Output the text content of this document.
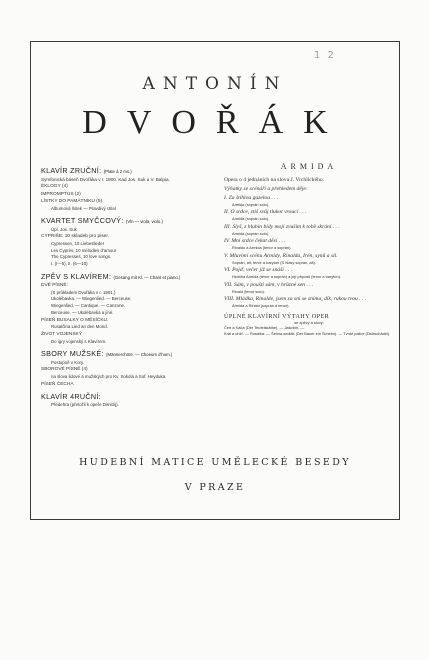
1 2
ANTONÍN
DVOŘÁK
KLAVÍR ZRUČNÍ: (Plate à 2 ms.)
Symfonická báseň Dvořáka v r. 1900. Kad Jos. Suk a V. Balpia.
ÉKLOGY (4)
IMPROMPTUS (2)
LÍSTKY DO PAMÁTNÍKU (5)
Albumová lístek — Pravdivý ctitel
KVARTET SMYČCOVÝ: (Vln — viola, violo.)
Úpl. Jos. Suk
CYPRIŠE: 10 skladeb pro piser.
Cypressen, 10 Liebeslieder
Les Cyprès, 10 mélodies d'amour
The Cypresses, 10 love songs.
I. (I—5), II. (6—10)
ZPĚV S KLAVÍREM: (Gesang mit Kl. — Chant et piano.)
DVĚ PÍSNĚ:
(S průkladem Dvořáka v r. 1901.)
Ukolébavka. — Wiegenlied. — Berceuse.
Wiegenlied. — Cantique. — Canzone.
Berceuse. — Ukolébavka a jiné.
PÍSEŇ BUSALKY O MĚSÍČKU.
Rusalčina Lied an den Mond.
ŽIVOT VOJENSKÝ
Do igry vojenský s Klavírem.
SBORY MUŽSKÉ: (Männerchöre. — Choeurs d'hom.)
Postupně v Kory.
SBOROVÉ PÍSNĚ (4)
na slova lidové a mužských pro Kv. Sokola a Sof. Heyduka.
PÍSEŇ ČECHA
KLAVÍR 4RUČNÍ:
Předehra (přeložil k opeře Dimitrij).
ARMIDA
Opera o 4 jednáních na slova J. Vrchlického.
Výňatky se scénáři a přehledem děje:
I. Za štíhlou gazelou . . .
Armida (soprán solo).
II. O srdce, ztiš svůj tlukot vroucí . . .
Armida (soprán solo).
III. Slyš, z hlubin bídy mojí zvuším k tobě skrání . . .
Armida (soprán solo).
IV. Mní srdce čekat děsí . . .
Rinaldo a Armida (tenor a soprán).
V. Mluvimí scénu Armidy, Rinalda, Irén, synů a sil.
Soprán, alt, tenor a baryton (S hlasy soprán, alt).
VI. Pojď, večer již se snáší . . .
Hlubiňa Armida (tenor a soprán) a její příposli (tenor a baryton).
VII. Sám, v poušti sám, v hrůzné sen . . .
Rinald (tenor solo).
VIII. Mládka, Rinalde, jsem za sní se sníma, dík, rukou tvou . . .
Armida a Rinald (soprán a tenor).
ÚPLNÉ KLAVÍRNÍ VÝTAHY OPER
se zpěvy a slovy:
Čert a Káča (Der Teufelskäthe). — Jakobín. —
Král a uhlíř. — Rusalka. — Šelma sedlák (Der Bauer ein Schelm). — Tvrdé palice (Dickschädel).
HUDEBNÍ MATICE UMĚLECKÉ BESEDY
V PRAZE
